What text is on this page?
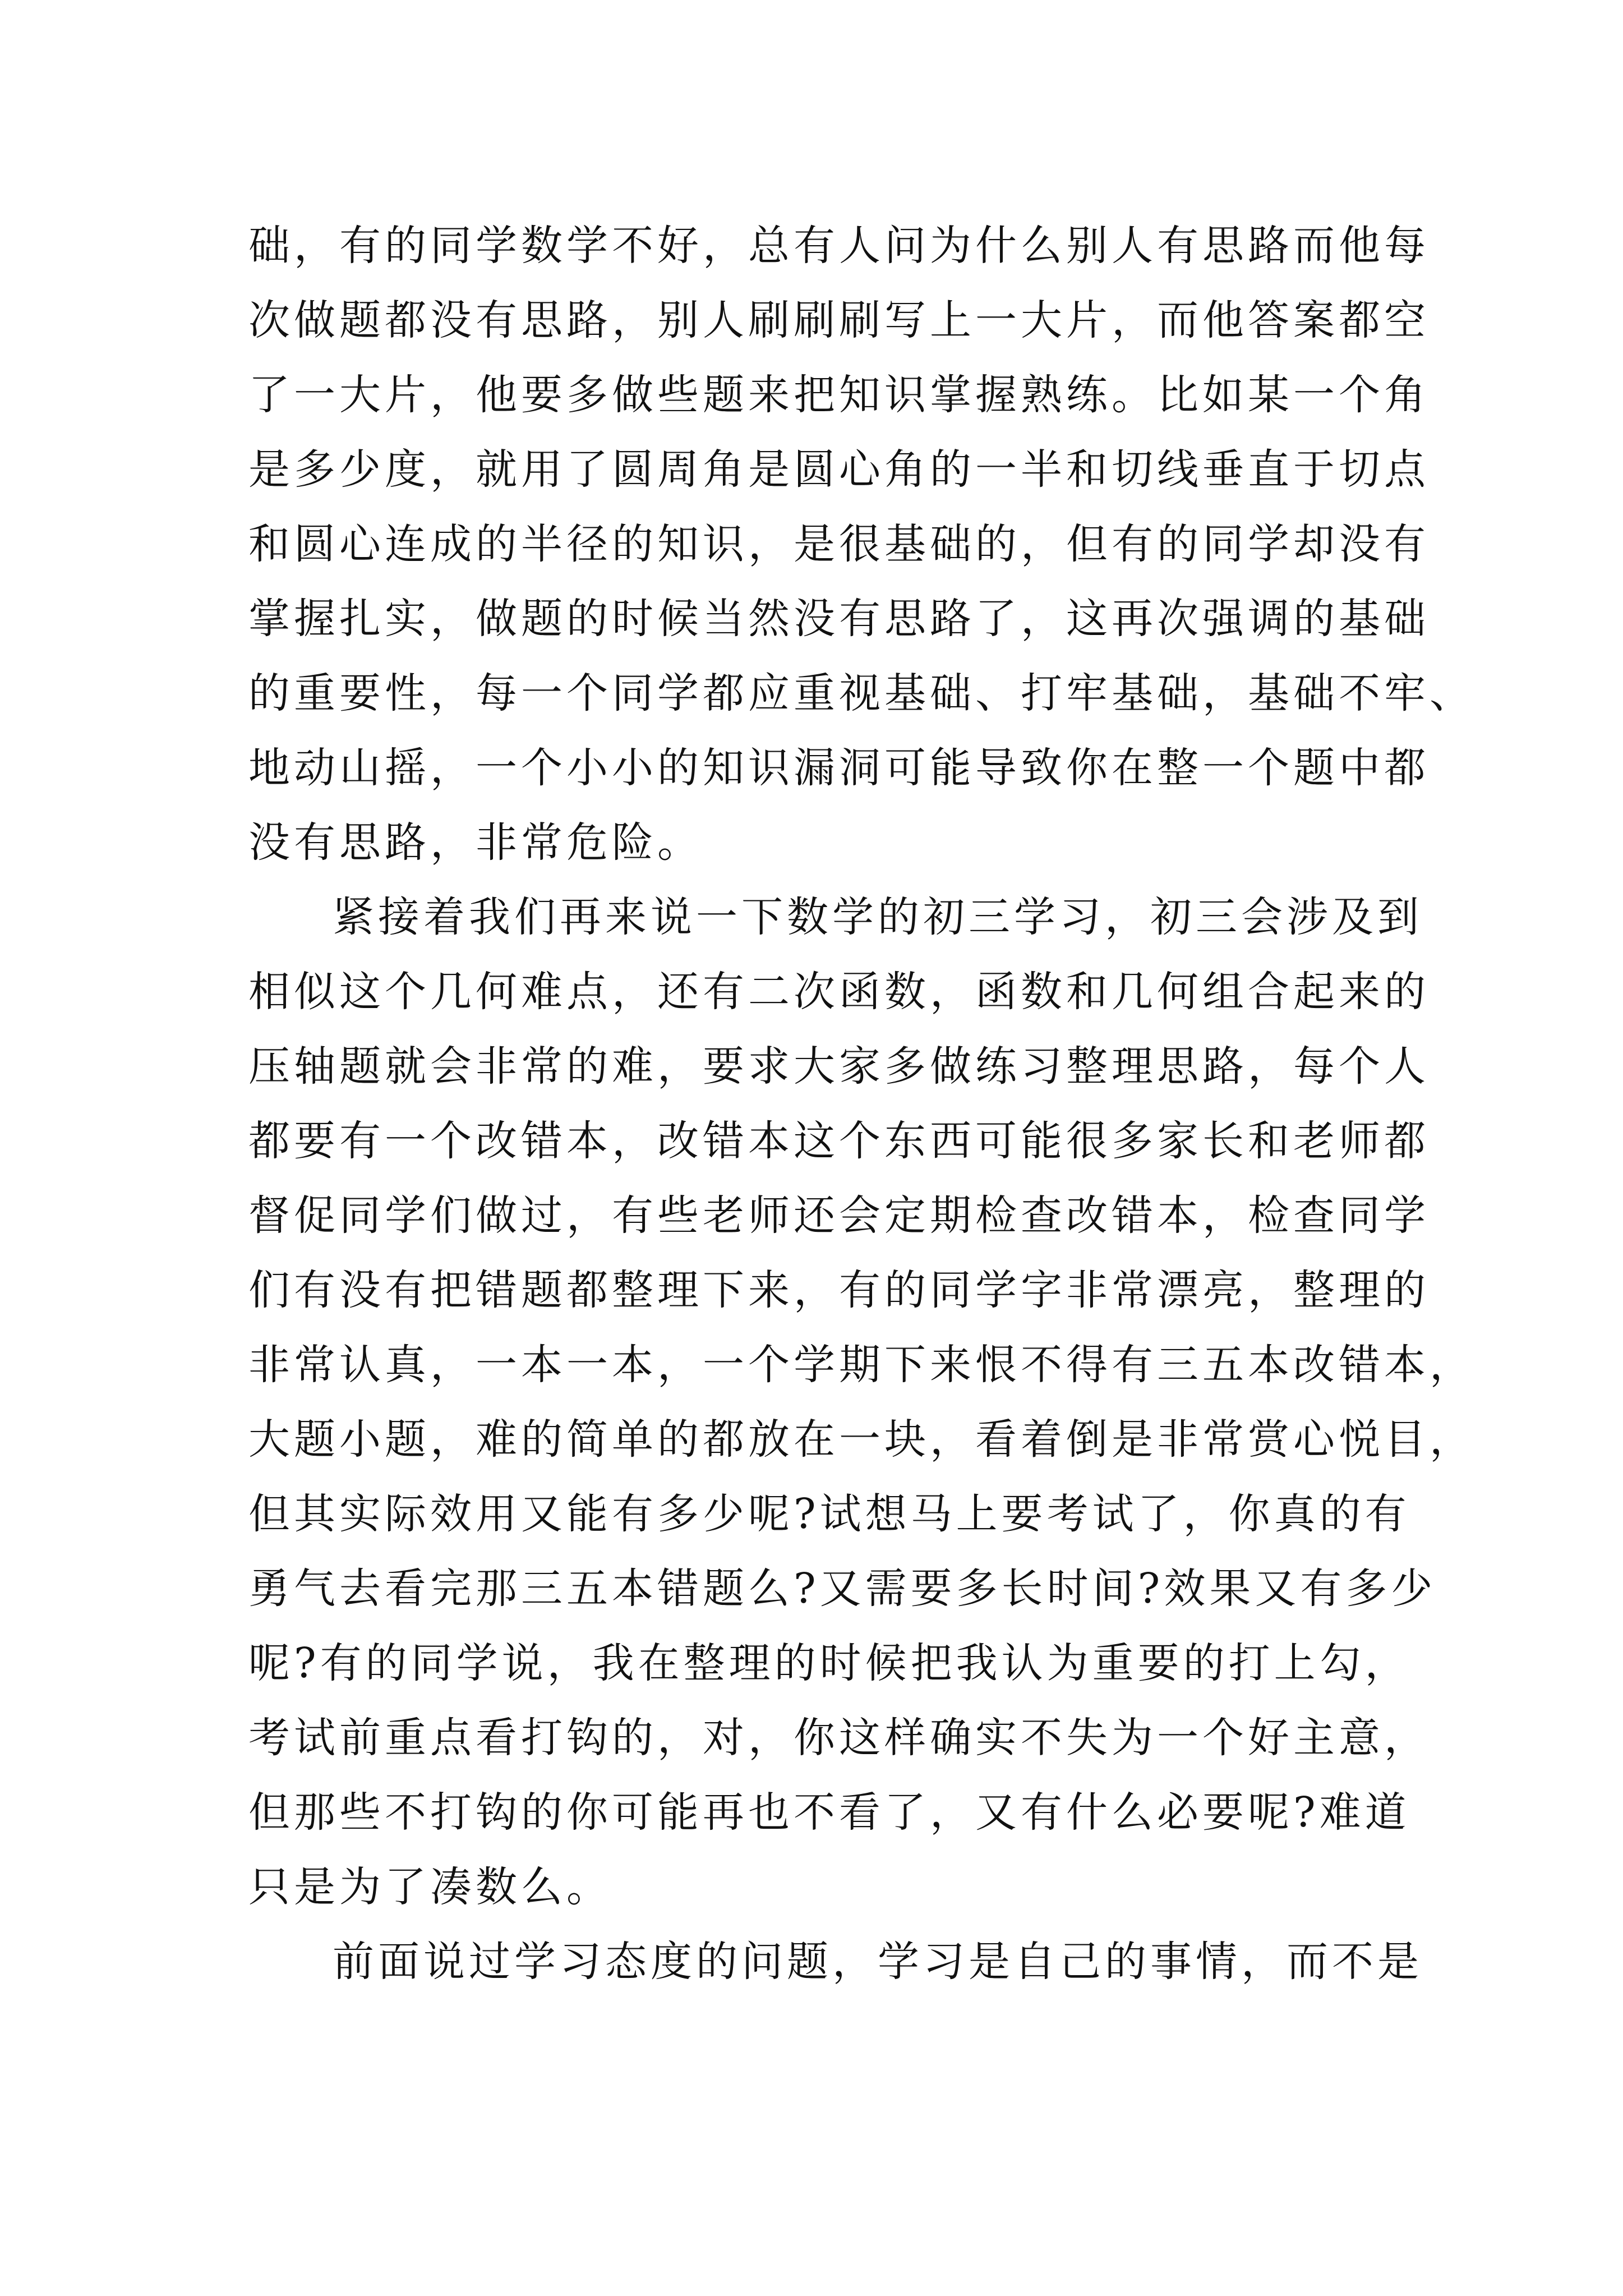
础，有的同学数学不好，总有人问为什么别人有思路而他每
次做题都没有思路，别人刷刷刷写上一大片，而他答案都空
了一大片，他要多做些题来把知识掌握熟练。比如某一个角
是多少度，就用了圆周角是圆心角的一半和切线垂直于切点
和圆心连成的半径的知识，是很基础的，但有的同学却没有
掌握扎实，做题的时候当然没有思路了，这再次强调的基础
的重要性，每一个同学都应重视基础、打牢基础，基础不牢、
地动山摇，一个小小的知识漏洞可能导致你在整一个题中都
没有思路，非常危险。
紧接着我们再来说一下数学的初三学习，初三会涉及到
相似这个几何难点，还有二次函数，函数和几何组合起来的
压轴题就会非常的难，要求大家多做练习整理思路，每个人
都要有一个改错本，改错本这个东西可能很多家长和老师都
督促同学们做过，有些老师还会定期检查改错本，检查同学
们有没有把错题都整理下来，有的同学字非常漂亮，整理的
非常认真，一本一本，一个学期下来恨不得有三五本改错本，
大题小题，难的简单的都放在一块，看着倒是非常赏心悦目，
但其实际效用又能有多少呢?试想马上要考试了，你真的有
勇气去看完那三五本错题么?又需要多长时间?效果又有多少
呢?有的同学说，我在整理的时候把我认为重要的打上勾，
考试前重点看打钩的，对，你这样确实不失为一个好主意，
但那些不打钩的你可能再也不看了，又有什么必要呢?难道
只是为了凑数么。
前面说过学习态度的问题，学习是自己的事情，而不是
